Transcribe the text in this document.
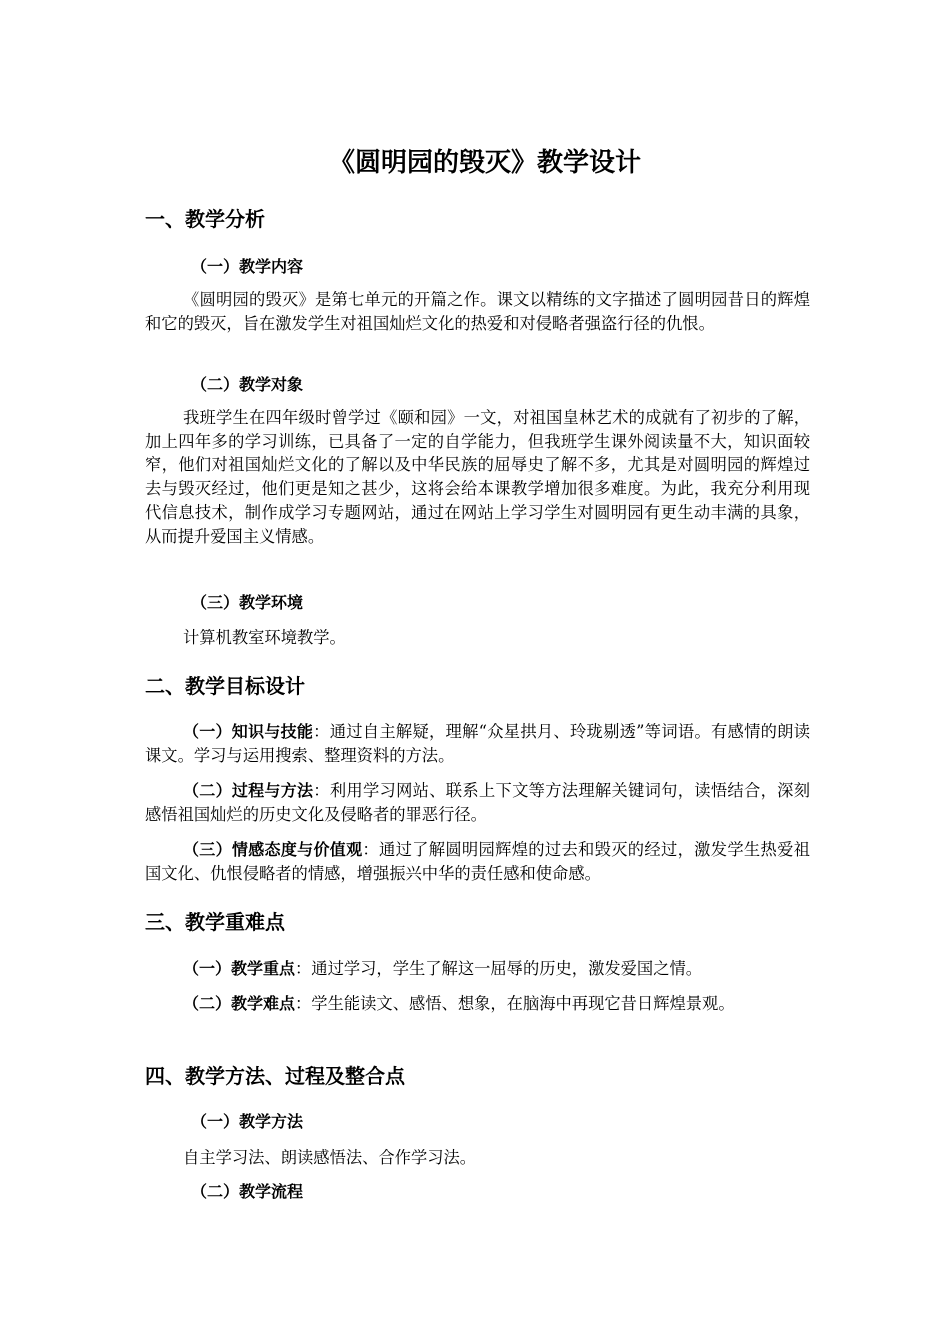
《圆明园的毁灭》教学设计
一、教学分析
（一）教学内容
《圆明园的毁灭》是第七单元的开篇之作。课文以精练的文字描述了圆明园昔日的辉煌和它的毁灭，旨在激发学生对祖国灿烂文化的热爱和对侵略者强盗行径的仇恨。
（二）教学对象
我班学生在四年级时曾学过《颐和园》一文，对祖国皇林艺术的成就有了初步的了解，加上四年多的学习训练，已具备了一定的自学能力，但我班学生课外阅读量不大，知识面较窄，他们对祖国灿烂文化的了解以及中华民族的屈辱史了解不多，尤其是对圆明园的辉煌过去与毁灭经过，他们更是知之甚少，这将会给本课教学增加很多难度。为此，我充分利用现代信息技术，制作成学习专题网站，通过在网站上学习学生对圆明园有更生动丰满的具象，从而提升爱国主义情感。
（三）教学环境
计算机教室环境教学。
二、教学目标设计
（一）知识与技能：通过自主解疑，理解“众星拱月、玲珑剔透”等词语。有感情的朗读课文。学习与运用搜索、整理资料的方法。
（二）过程与方法：利用学习网站、联系上下文等方法理解关键词句，读悟结合，深刻感悟祖国灿烂的历史文化及侵略者的罪恶行径。
（三）情感态度与价值观：通过了解圆明园辉煌的过去和毁灭的经过，激发学生热爱祖国文化、仇恨侵略者的情感，增强振兴中华的责任感和使命感。
三、教学重难点
（一）教学重点：通过学习，学生了解这一屈辱的历史，激发爱国之情。
（二）教学难点：学生能读文、感悟、想象，在脑海中再现它昔日辉煌景观。
四、教学方法、过程及整合点
（一）教学方法
自主学习法、朗读感悟法、合作学习法。
（二）教学流程
